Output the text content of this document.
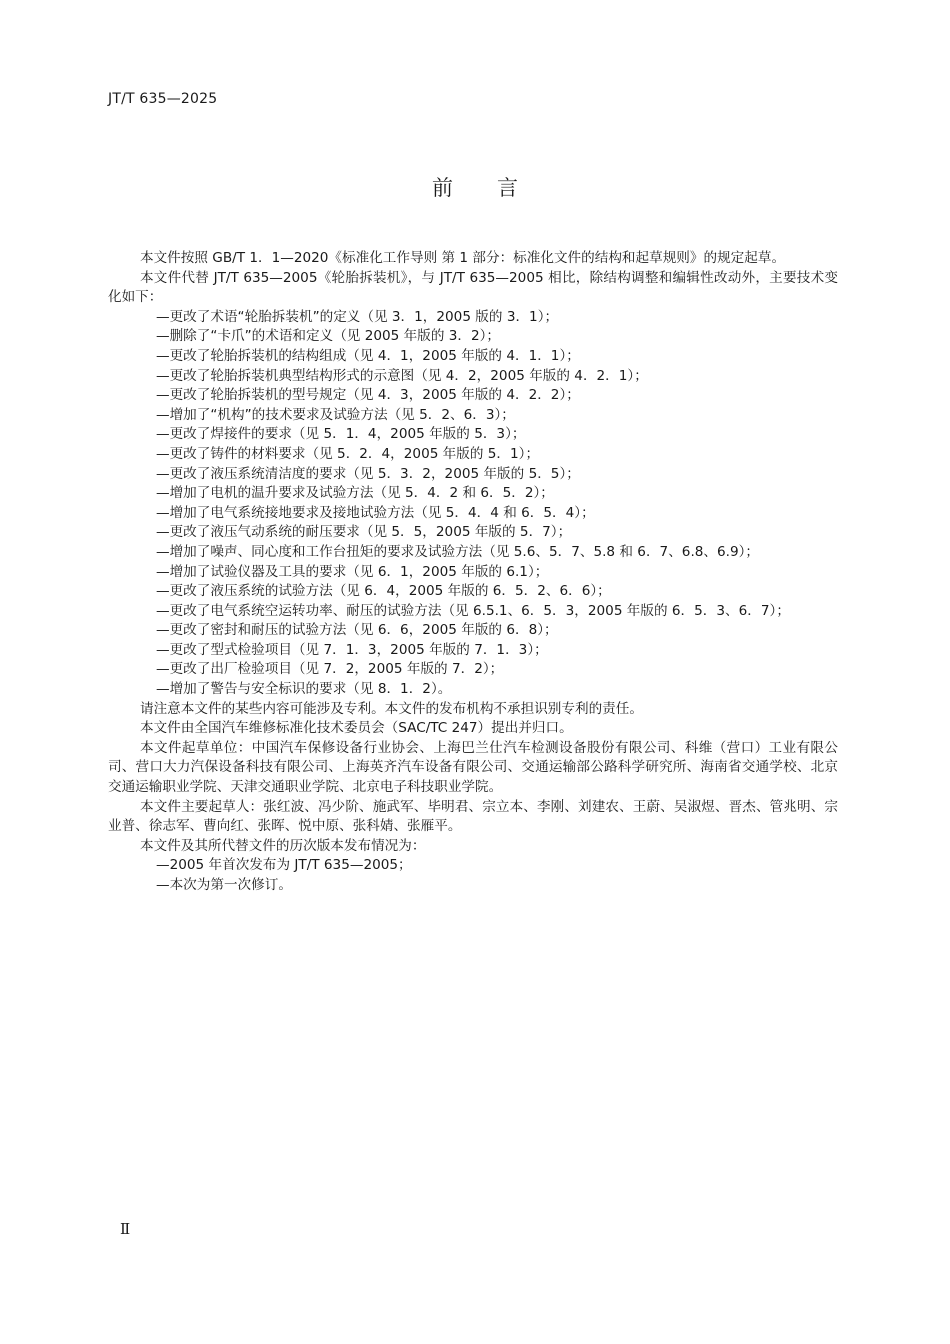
JT/T 635—2025
前言

本文件按照 GB/T 1．1—2020《标准化工作导则 第 1 部分：标准化文件的结构和起草规则》的规定起草。

本文件代替 JT/T 635—2005《轮胎拆装机》，与 JT/T 635—2005 相比，除结构调整和编辑性改动外，主要技术变化如下：

—更改了术语“轮胎拆装机”的定义（见 3．1，2005 版的 3．1）；
—删除了“卡爪”的术语和定义（见 2005 年版的 3．2）；
—更改了轮胎拆装机的结构组成（见 4．1，2005 年版的 4．1．1）；
—更改了轮胎拆装机典型结构形式的示意图（见 4．2，2005 年版的 4．2．1）；
—更改了轮胎拆装机的型号规定（见 4．3，2005 年版的 4．2．2）；
—增加了“机构”的技术要求及试验方法（见 5．2、6．3）；
—更改了焊接件的要求（见 5．1．4，2005 年版的 5．3）；
—更改了铸件的材料要求（见 5．2．4，2005 年版的 5．1）；
—更改了液压系统清洁度的要求（见 5．3．2，2005 年版的 5．5）；
—增加了电机的温升要求及试验方法（见 5．4．2 和 6．5．2）；
—增加了电气系统接地要求及接地试验方法（见 5．4．4 和 6．5．4）；
—更改了液压气动系统的耐压要求（见 5．5，2005 年版的 5．7）；
—增加了噪声、同心度和工作台扭矩的要求及试验方法（见 5.6、5．7、5.8 和 6．7、6.8、6.9）；
—增加了试验仪器及工具的要求（见 6．1，2005 年版的 6.1）；
—更改了液压系统的试验方法（见 6．4，2005 年版的 6．5．2、6．6）；
—更改了电气系统空运转功率、耐压的试验方法（见 6.5.1、6．5．3，2005 年版的 6．5．3、6．7）；
—更改了密封和耐压的试验方法（见 6．6，2005 年版的 6．8）；
—更改了型式检验项目（见 7．1．3，2005 年版的 7．1．3）；
—更改了出厂检验项目（见 7．2，2005 年版的 7．2）；
—增加了警告与安全标识的要求（见 8．1．2）。

请注意本文件的某些内容可能涉及专利。本文件的发布机构不承担识别专利的责任。

本文件由全国汽车维修标准化技术委员会（SAC/TC 247）提出并归口。

本文件起草单位：中国汽车保修设备行业协会、上海巴兰仕汽车检测设备股份有限公司、科维（营口）工业有限公司、营口大力汽保设备科技有限公司、上海英齐汽车设备有限公司、交通运输部公路科学研究所、海南省交通学校、北京交通运输职业学院、天津交通职业学院、北京电子科技职业学院。

本文件主要起草人：张红波、冯少阶、施武军、毕明君、宗立本、李刚、刘建农、王蔚、吴淑煜、晋杰、管兆明、宗业普、徐志军、曹向红、张晖、悦中原、张科婧、张雁平。

本文件及其所代替文件的历次版本发布情况为：

—2005 年首次发布为 JT/T 635—2005；
—本次为第一次修订。
Ⅱ
